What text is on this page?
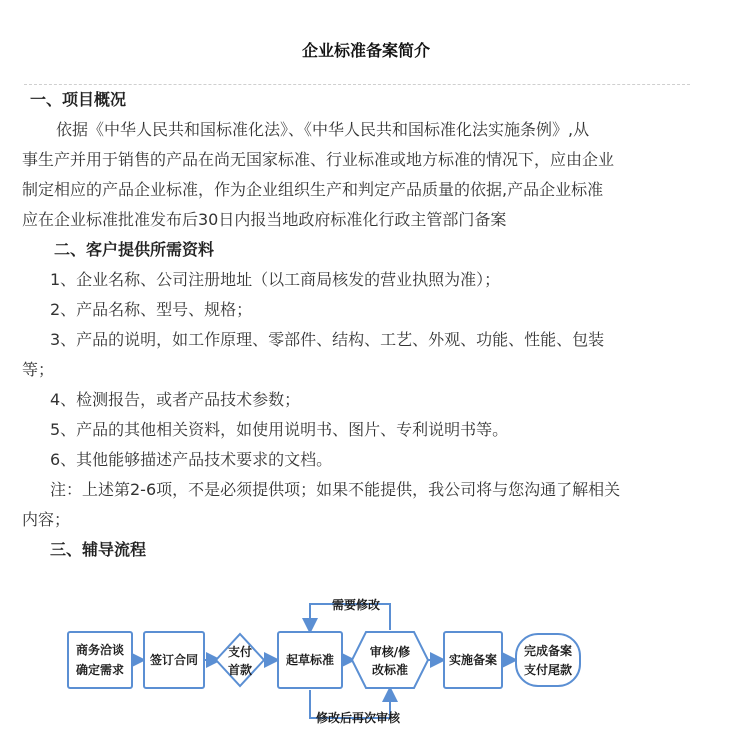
企业标准备案简介
一、项目概况
依据《中华人民共和国标准化法》、《中华人民共和国标准化法实施条例》,从
事生产并用于销售的产品在尚无国家标准、行业标准或地方标准的情况下，应由企业
制定相应的产品企业标准，作为企业组织生产和判定产品质量的依据,产品企业标准
应在企业标准批准发布后30日内报当地政府标准化行政主管部门备案
二、客户提供所需资料
1、企业名称、公司注册地址（以工商局核发的营业执照为准）；
2、产品名称、型号、规格；
3、产品的说明，如工作原理、零部件、结构、工艺、外观、功能、性能、包装
等；
4、检测报告，或者产品技术参数；
5、产品的其他相关资料，如使用说明书、图片、专利说明书等。
6、其他能够描述产品技术要求的文档。
注：上述第2-6项，不是必须提供项；如果不能提供，我公司将与您沟通了解相关
内容；
三、辅导流程
需要修改
修改后再次审核
商务洽谈
确定需求
签订合同
支付
首款
起草标准
审核/修
改标准
实施备案
完成备案
支付尾款
